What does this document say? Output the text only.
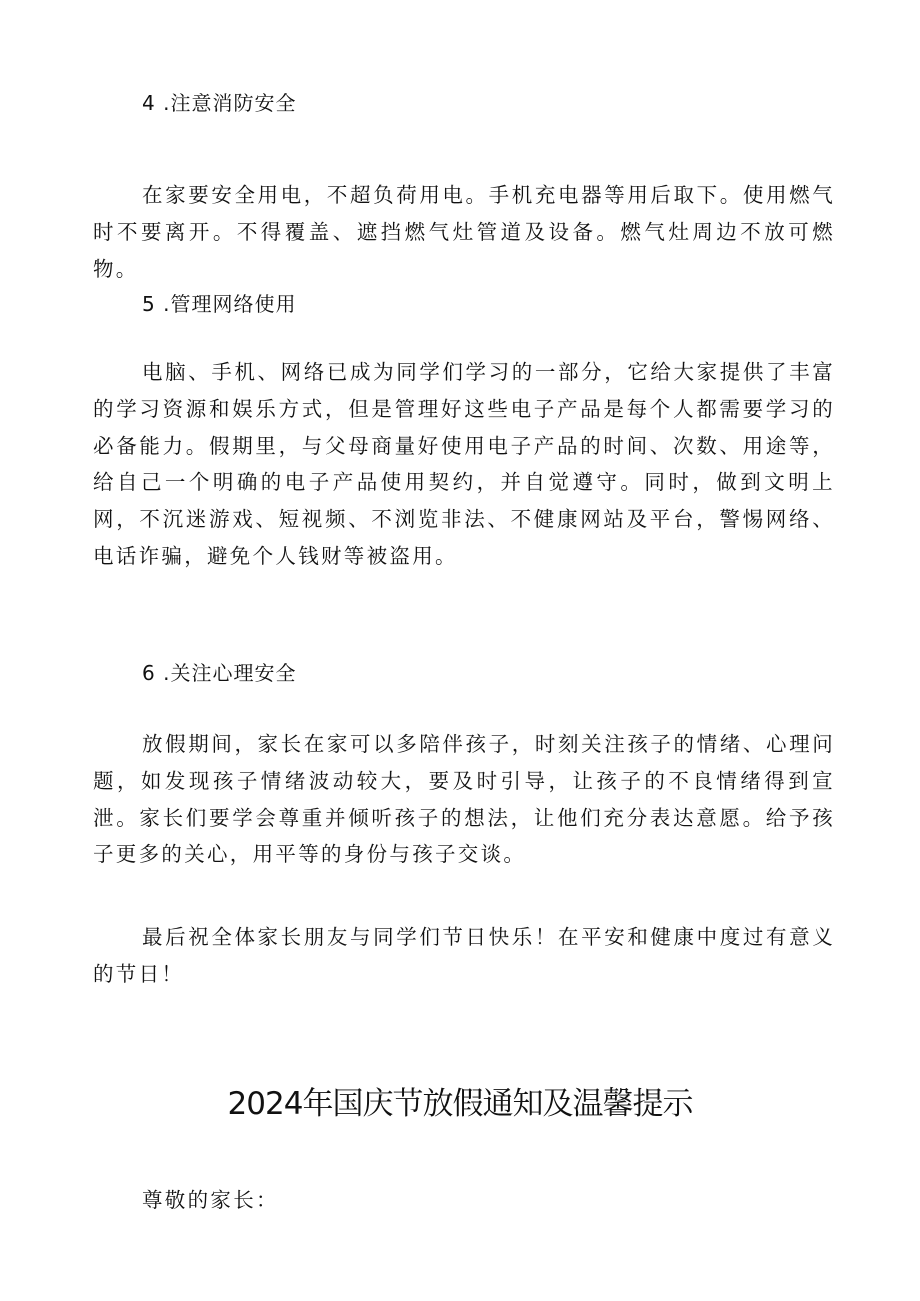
4 .注意消防安全

在家要安全用电，不超负荷用电。手机充电器等用后取下。使用燃气时不要离开。不得覆盖、遮挡燃气灶管道及设备。燃气灶周边不放可燃物。

5 .管理网络使用

电脑、手机、网络已成为同学们学习的一部分，它给大家提供了丰富的学习资源和娱乐方式，但是管理好这些电子产品是每个人都需要学习的必备能力。假期里，与父母商量好使用电子产品的时间、次数、用途等，给自己一个明确的电子产品使用契约，并自觉遵守。同时，做到文明上网，不沉迷游戏、短视频、不浏览非法、不健康网站及平台，警惕网络、电话诈骗，避免个人钱财等被盗用。

6 .关注心理安全

放假期间，家长在家可以多陪伴孩子，时刻关注孩子的情绪、心理问题，如发现孩子情绪波动较大，要及时引导，让孩子的不良情绪得到宣泄。家长们要学会尊重并倾听孩子的想法，让他们充分表达意愿。给予孩子更多的关心，用平等的身份与孩子交谈。

最后祝全体家长朋友与同学们节日快乐！在平安和健康中度过有意义的节日！

2024年国庆节放假通知及温馨提示

尊敬的家长：
